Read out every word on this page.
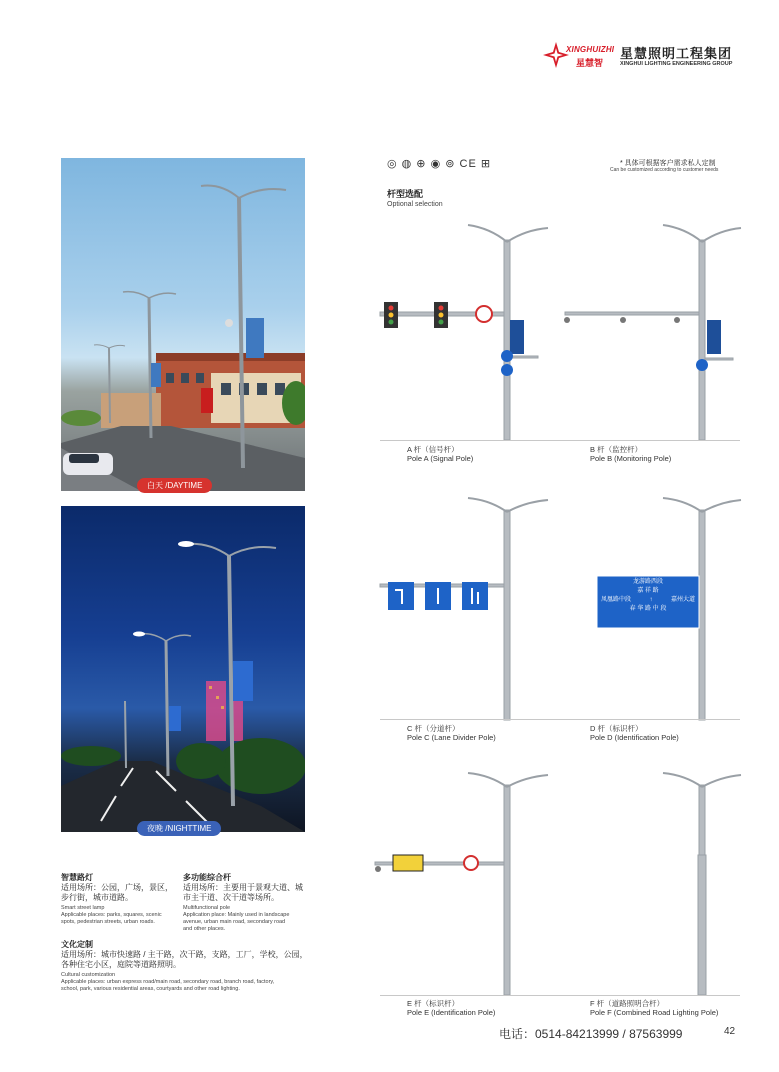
XINGHUIZHI
星慧智
星慧照明工程集团
XINGHUI LIGHTING ENGINEERING GROUP
白天 /DAYTIME
夜晚 /NIGHTTIME
智慧路灯
适用场所：公园，广场，景区，
步行街，城市道路。
Smart street lamp
Applicable places: parks, squares, scenic
spots, pedestrian streets, urban roads.
多功能综合杆
适用场所：主要用于景观大道、城
市主干道、次干道等场所。
Multifunctional pole
Application place: Mainly used in landscape
avenue, urban main road, secondary road
and other places.
文化定制
适用场所：城市快速路 / 主干路，次干路，支路，工厂，学校，公园，
各种住宅小区，庭院等道路照明。
Cultural customization
Applicable places: urban express road/main road, secondary road, branch road, factory,
school, park, various residential areas, courtyards and other road lighting.
◎ ◍ ⊕ ◉ ⊚ CE ⊞	* 具体可根据客户需求私人定制
Can be customized according to customer needs
杆型选配
Optional selection
A 杆（信号杆）
Pole A (Signal Pole)
B 杆（监控杆）
Pole B (Monitoring Pole)
C 杆（分道杆）
Pole C (Lane Divider Pole)
龙游路西段
嘉 祥 路
凤凰路中段	↑	嘉州大道
春 华 路 中 段
D 杆（标识杆）
Pole D (Identification Pole)
E 杆（标识杆）
Pole E (Identification Pole)
F 杆（道路照明合杆）
Pole F (Combined Road Lighting Pole)
电话：0514-84213999 / 87563999	42
